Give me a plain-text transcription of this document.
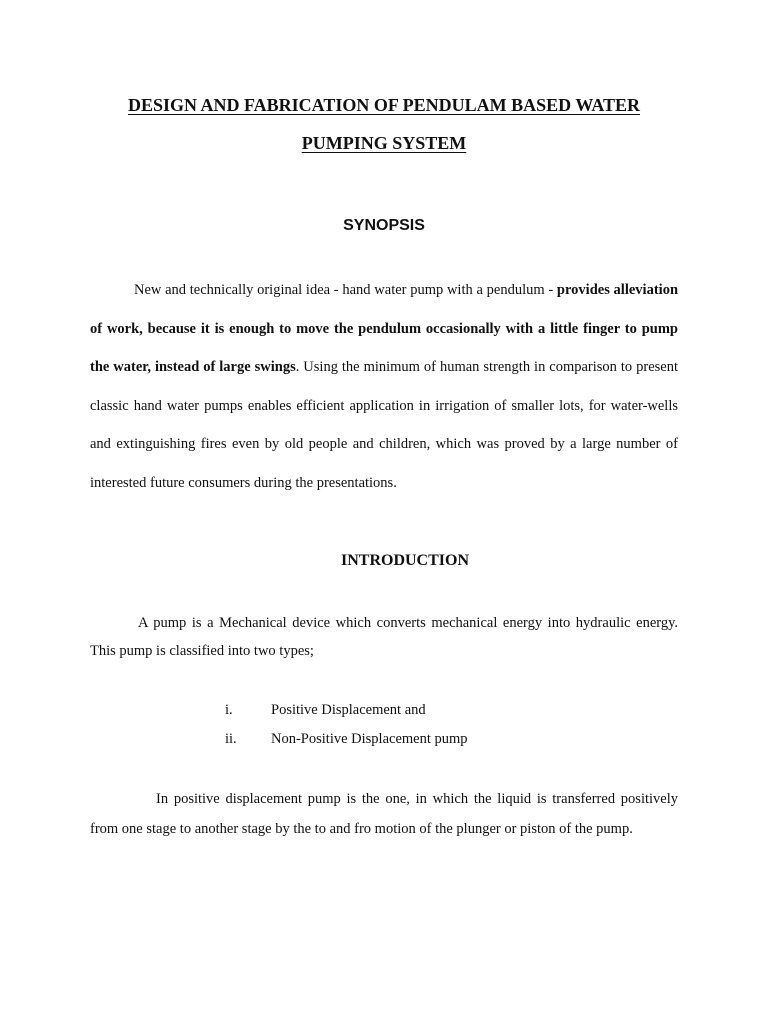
DESIGN AND FABRICATION OF PENDULAM BASED WATER
PUMPING SYSTEM
SYNOPSIS

New and technically original idea - hand water pump with a pendulum - provides alleviation of work, because it is enough to move the pendulum occasionally with a little finger to pump the water, instead of large swings. Using the minimum of human strength in comparison to present classic hand water pumps enables efficient application in irrigation of smaller lots, for water-wells and extinguishing fires even by old people and children, which was proved by a large number of interested future consumers during the presentations.

INTRODUCTION

A pump is a Mechanical device which converts mechanical energy into hydraulic energy. This pump is classified into two types;

i.	Positive Displacement and
ii. Non-Positive Displacement pump

In positive displacement pump is the one, in which the liquid is transferred positively from one stage to another stage by the to and fro motion of the plunger or piston of the pump.
